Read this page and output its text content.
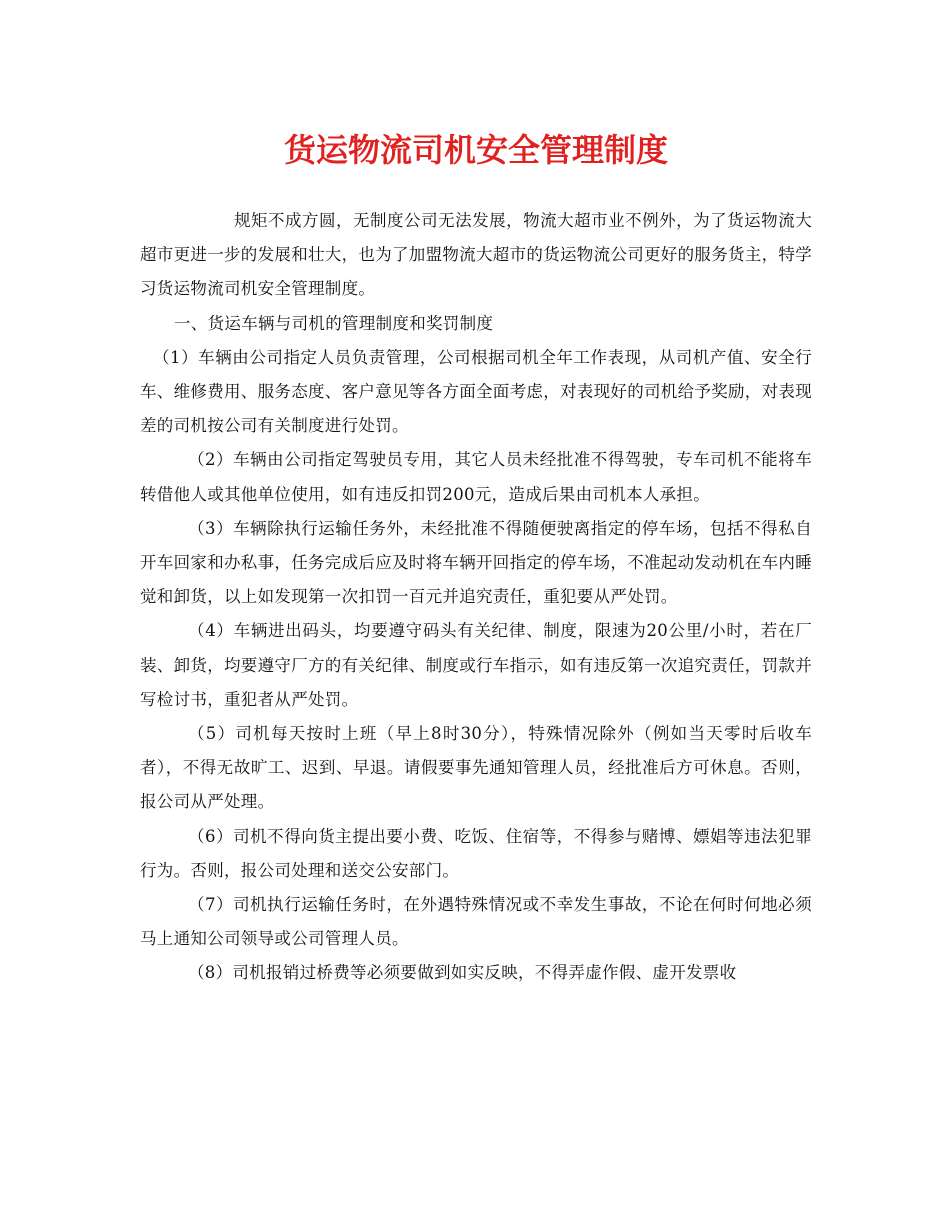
货运物流司机安全管理制度

规矩不成方圆，无制度公司无法发展，物流大超市业不例外，为了货运物流大超市更进一步的发展和壮大，也为了加盟物流大超市的货运物流公司更好的服务货主，特学习货运物流司机安全管理制度。

一、货运车辆与司机的管理制度和奖罚制度

（1）车辆由公司指定人员负责管理，公司根据司机全年工作表现，从司机产值、安全行车、维修费用、服务态度、客户意见等各方面全面考虑，对表现好的司机给予奖励，对表现差的司机按公司有关制度进行处罚。

（2）车辆由公司指定驾驶员专用，其它人员未经批准不得驾驶，专车司机不能将车转借他人或其他单位使用，如有违反扣罚200元，造成后果由司机本人承担。

（3）车辆除执行运输任务外，未经批准不得随便驶离指定的停车场，包括不得私自开车回家和办私事，任务完成后应及时将车辆开回指定的停车场，不准起动发动机在车内睡觉和卸货，以上如发现第一次扣罚一百元并追究责任，重犯要从严处罚。

（4）车辆进出码头，均要遵守码头有关纪律、制度，限速为20公里/小时，若在厂装、卸货，均要遵守厂方的有关纪律、制度或行车指示，如有违反第一次追究责任，罚款并写检讨书，重犯者从严处罚。

（5）司机每天按时上班（早上8时30分），特殊情况除外（例如当天零时后收车者），不得无故旷工、迟到、早退。请假要事先通知管理人员，经批准后方可休息。否则，报公司从严处理。

（6）司机不得向货主提出要小费、吃饭、住宿等，不得参与赌博、嫖娼等违法犯罪行为。否则，报公司处理和送交公安部门。

（7）司机执行运输任务时，在外遇特殊情况或不幸发生事故，不论在何时何地必须马上通知公司领导或公司管理人员。

（8）司机报销过桥费等必须要做到如实反映，不得弄虚作假、虚开发票收
